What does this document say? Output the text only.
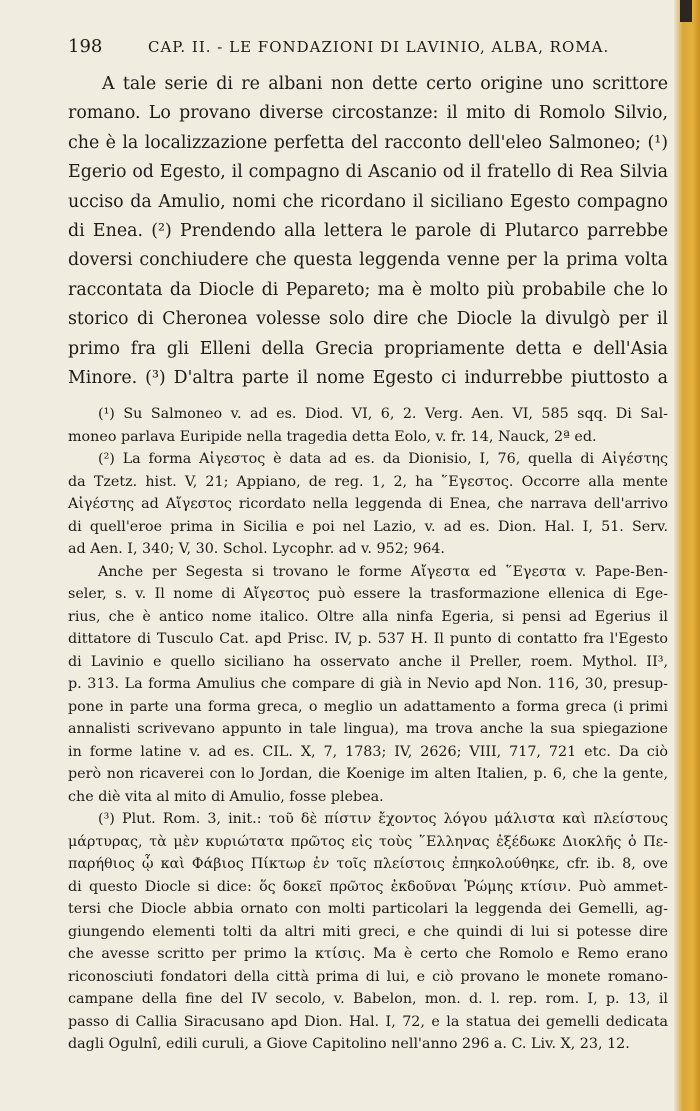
198	CAP. II. - LE FONDAZIONI DI LAVINIO, ALBA, ROMA.
A tale serie di re albani non dette certo origine uno scrittore
romano. Lo provano diverse circostanze: il mito di Romolo Silvio,
che è la localizzazione perfetta del racconto dell'eleo Salmoneo; (¹)
Egerio od Egesto, il compagno di Ascanio od il fratello di Rea Silvia
ucciso da Amulio, nomi che ricordano il siciliano Egesto compagno
di Enea. (²) Prendendo alla lettera le parole di Plutarco parrebbe
doversi conchiudere che questa leggenda venne per la prima volta
raccontata da Diocle di Peparetο; ma è molto più probabile che lo
storico di Cheronea volesse solo dire che Diocle la divulgò per il
primo fra gli Elleni della Grecia propriamente detta e dell'Asia
Minore. (³) D'altra parte il nome Egesto ci indurrebbe piuttosto a
(¹) Su Salmoneo v. ad es. Diod. VI, 6, 2. Verg. Aen. VI, 585 sqq. Di Sal-
moneo parlava Euripide nella tragedia detta Eolo, v. fr. 14, Nauck, 2ª ed.
(²) La forma Αἰγεστος è data ad es. da Dionisio, I, 76, quella di Αἰγέστης
da Tzetz. hist. V, 21; Appiano, de reg. 1, 2, ha ῞Εγεστος. Occorre alla mente
Αἰγέστης ad Αἴγεστος ricordato nella leggenda di Enea, che narrava dell'arrivo
di quell'eroe prima in Sicilia e poi nel Lazio, v. ad es. Dion. Hal. I, 51. Serv.
ad Aen. I, 340; V, 30. Schol. Lycophr. ad v. 952; 964.
Anche per Segesta si trovano le forme Αἴγεστα ed ῞Εγεστα v. Pape-Ben-
seler, s. v. Il nome di Αἴγεστος può essere la trasformazione ellenica di Ege-
rius, che è antico nome italico. Oltre alla ninfa Egeria, si pensi ad Egerius il
dittatore di Tusculo Cat. apd Prisc. IV, p. 537 H. Il punto di contatto fra l'Egesto
di Lavinio e quello siciliano ha osservato anche il Preller, roem. Mythol. II³,
p. 313. La forma Amulius che compare di già in Nevio apd Non. 116, 30, presup-
pone in parte una forma greca, o meglio un adattamento a forma greca (i primi
annalisti scrivevano appunto in tale lingua), ma trova anche la sua spiegazione
in forme latine v. ad es. CIL. X, 7, 1783; IV, 2626; VIII, 717, 721 etc. Da ciò
però non ricaverei con lo Jordan, die Koenige im alten Italien, p. 6, che la gente,
che diè vita al mito di Amulio, fosse plebea.
(³) Plut. Rom. 3, init.: τοῦ δὲ πίστιν ἔχοντος λόγου μάλιστα καὶ πλείστους
μάρτυρας, τὰ μὲν κυριώτατα πρῶτος εἰς τοὺς ῞Ελληνας ἐξέδωκε Διοκλῆς ὁ Πε-
παρήθιος ᾧ καὶ Φάβιος Πίκτωρ ἐν τοῖς πλείστοις ἐπηκολούθηκε, cfr. ib. 8, ove
di questo Diocle si dice: ὅς δοκεῖ πρῶτος ἐκδοῦναι Ῥώμης κτίσιν. Può ammet-
tersi che Diocle abbia ornato con molti particolari la leggenda dei Gemelli, ag-
giungendo elementi tolti da altri miti greci, e che quindi di lui si potesse dire
che avesse scritto per primo la κτίσις. Ma è certo che Romolo e Remo erano
riconosciuti fondatori della città prima di lui, e ciò provano le monete romano-
campane della fine del IV secolo, v. Babelon, mon. d. l. rep. rom. I, p. 13, il
passo di Callia Siracusano apd Dion. Hal. I, 72, e la statua dei gemelli dedicata
dagli Ogulnî, edili curuli, a Giove Capitolino nell'anno 296 a. C. Liv. X, 23, 12.
